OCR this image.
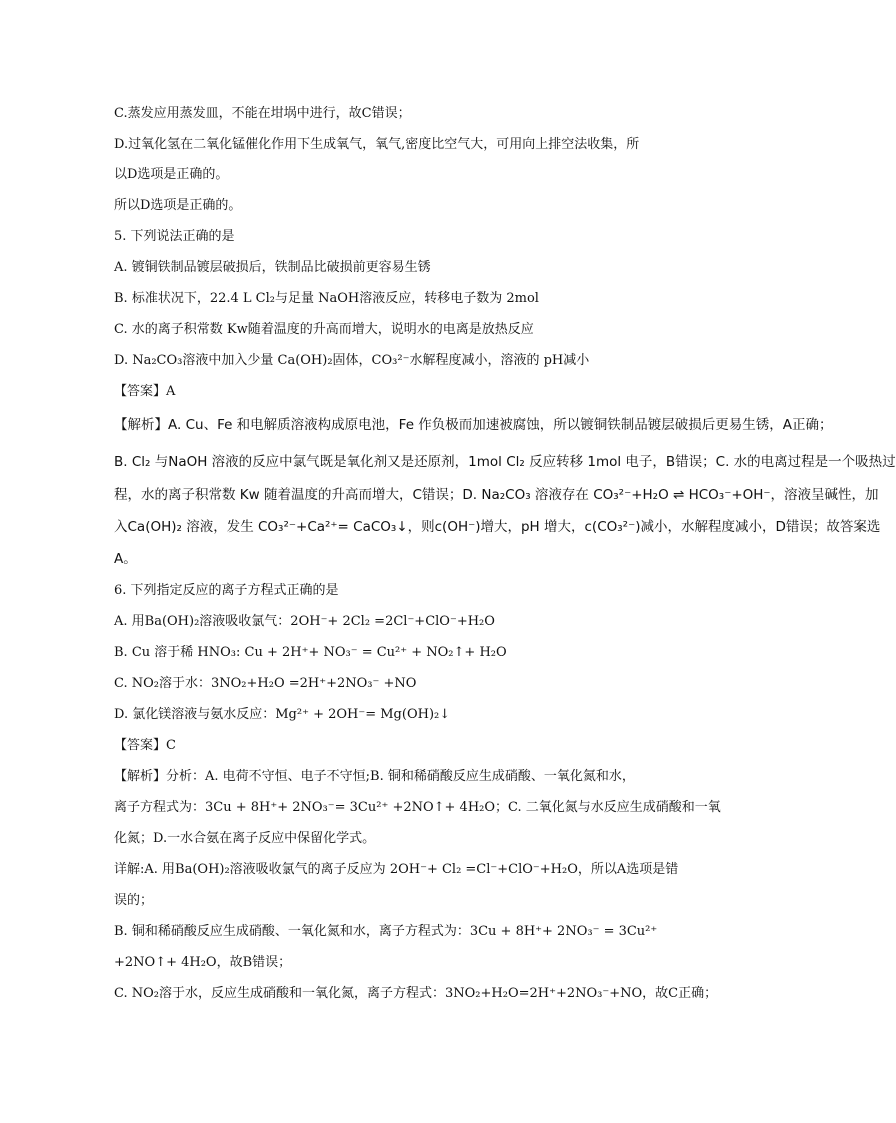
C.蒸发应用蒸发皿，不能在坩埚中进行，故C错误；
D.过氧化氢在二氧化锰催化作用下生成氧气，氧气,密度比空气大，可用向上排空法收集，所
以D选项是正确的。
所以D选项是正确的。
5. 下列说法正确的是
A. 镀铜铁制品镀层破损后，铁制品比破损前更容易生锈
B. 标准状况下，22.4 L Cl₂与足量 NaOH溶液反应，转移电子数为 2mol
C. 水的离子积常数 Kw随着温度的升高而增大，说明水的电离是放热反应
D. Na₂CO₃溶液中加入少量 Ca(OH)₂固体，CO₃²⁻水解程度减小，溶液的 pH减小
【答案】A
【解析】A. Cu、Fe 和电解质溶液构成原电池，Fe 作负极而加速被腐蚀，所以镀铜铁制品镀层破损后更易生锈，A正确；
B. Cl₂ 与NaOH 溶液的反应中氯气既是氧化剂又是还原剂，1mol Cl₂ 反应转移 1mol 电子，B错误；C. 水的电离过程是一个吸热过
程，水的离子积常数 Kw 随着温度的升高而增大，C错误；D. Na₂CO₃ 溶液存在 CO₃²⁻+H₂O ⇌ HCO₃⁻+OH⁻，溶液呈碱性，加
入Ca(OH)₂ 溶液，发生 CO₃²⁻+Ca²⁺= CaCO₃↓，则c(OH⁻)增大，pH 增大，c(CO₃²⁻)减小，水解程度减小，D错误；故答案选
A。
6. 下列指定反应的离子方程式正确的是
A. 用Ba(OH)₂溶液吸收氯气：2OH⁻+ 2Cl₂ =2Cl⁻+ClO⁻+H₂O
B. Cu 溶于稀 HNO₃: Cu + 2H⁺+ NO₃⁻ = Cu²⁺ + NO₂↑+ H₂O
C. NO₂溶于水：3NO₂+H₂O =2H⁺+2NO₃⁻ +NO
D. 氯化镁溶液与氨水反应：Mg²⁺ + 2OH⁻= Mg(OH)₂↓
【答案】C
【解析】分析：A. 电荷不守恒、电子不守恒;B. 铜和稀硝酸反应生成硝酸、一氧化氮和水，
离子方程式为：3Cu + 8H⁺+ 2NO₃⁻= 3Cu²⁺ +2NO↑+ 4H₂O；C. 二氧化氮与水反应生成硝酸和一氧
化氮；D.一水合氨在离子反应中保留化学式。
详解:A. 用Ba(OH)₂溶液吸收氯气的离子反应为 2OH⁻+ Cl₂ =Cl⁻+ClO⁻+H₂O，所以A选项是错
误的；
B. 铜和稀硝酸反应生成硝酸、一氧化氮和水，离子方程式为：3Cu + 8H⁺+ 2NO₃⁻ = 3Cu²⁺
+2NO↑+ 4H₂O，故B错误；
C. NO₂溶于水，反应生成硝酸和一氧化氮，离子方程式：3NO₂+H₂O=2H⁺+2NO₃⁻+NO，故C正确；
